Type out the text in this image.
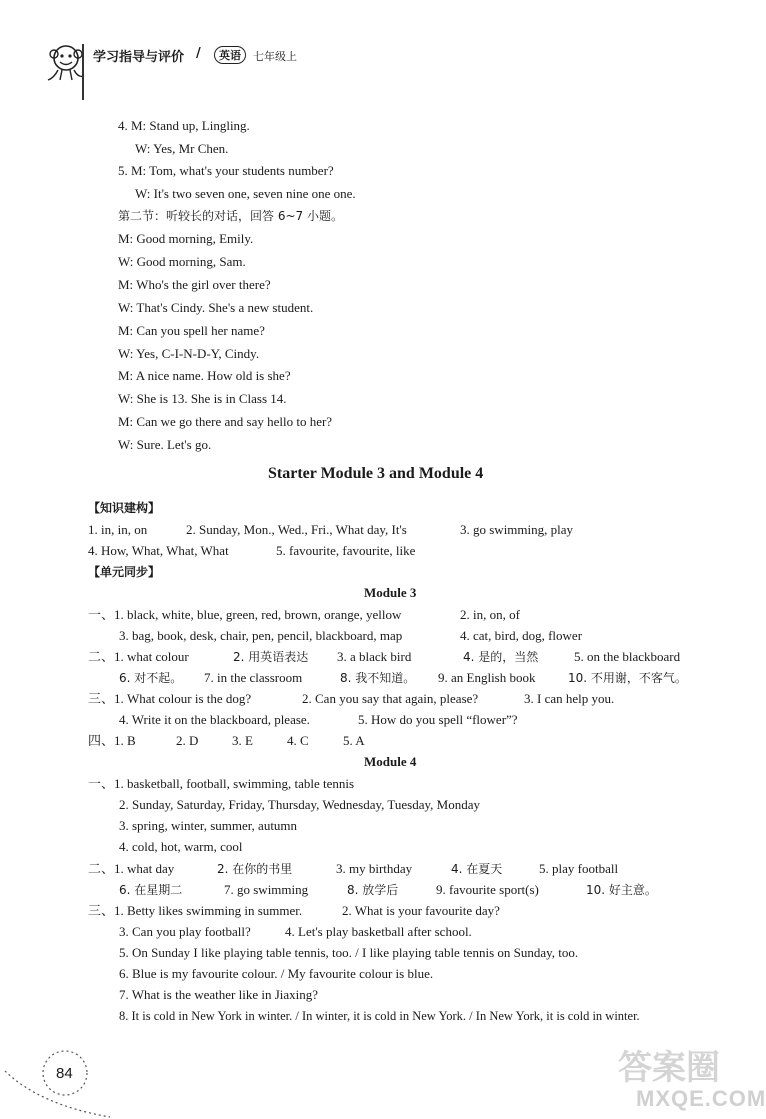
学习指导与评价 /	英语	七年级上
4. M: Stand up, Lingling.
W: Yes, Mr Chen.
5. M: Tom, what's your students number?
W: It's two seven one, seven nine one one.
第二节：听较长的对话，回答 6~7 小题。
M: Good morning, Emily.
W: Good morning, Sam.
M: Who's the girl over there?
W: That's Cindy. She's a new student.
M: Can you spell her name?
W: Yes, C-I-N-D-Y, Cindy.
M: A nice name. How old is she?
W: She is 13. She is in Class 14.
M: Can we go there and say hello to her?
W: Sure. Let's go.
Starter Module 3 and Module 4
【知识建构】
1. in, in, on	2. Sunday, Mon., Wed., Fri., What day, It's	3. go swimming, play
4. How, What, What, What	5. favourite, favourite, like
【单元同步】
Module 3
一、1. black, white, blue, green, red, brown, orange, yellow	2. in, on, of
3. bag, book, desk, chair, pen, pencil, blackboard, map	4. cat, bird, dog, flower
二、1. what colour	2. 用英语表达 3. a black bird	4. 是的，当然	5. on the blackboard
6. 对不起。 7. in the classroom	8. 我不知道。 9. an English book	10. 不用谢，不客气。
三、1. What colour is the dog?	2. Can you say that again, please?	3. I can help you.
4. Write it on the blackboard, please.	5. How do you spell “flower”?
四、1. B	2. D	3. E	4. C	5. A
Module 4
一、1. basketball, football, swimming, table tennis
2. Sunday, Saturday, Friday, Thursday, Wednesday, Tuesday, Monday
3. spring, winter, summer, autumn
4. cold, hot, warm, cool
二、1. what day	2. 在你的书里	3. my birthday	4. 在夏天	5. play football
6. 在星期二	7. go swimming	8. 放学后	9. favourite sport(s)	10. 好主意。
三、1. Betty likes swimming in summer.	2. What is your favourite day?
3. Can you play football?	4. Let's play basketball after school.
5. On Sunday I like playing table tennis, too. / I like playing table tennis on Sunday, too.
6. Blue is my favourite colour. / My favourite colour is blue.
7. What is the weather like in Jiaxing?
8. It is cold in New York in winter. / In winter, it is cold in New York. / In New York, it is cold in winter.
84	答案圈
MXQE.COM
